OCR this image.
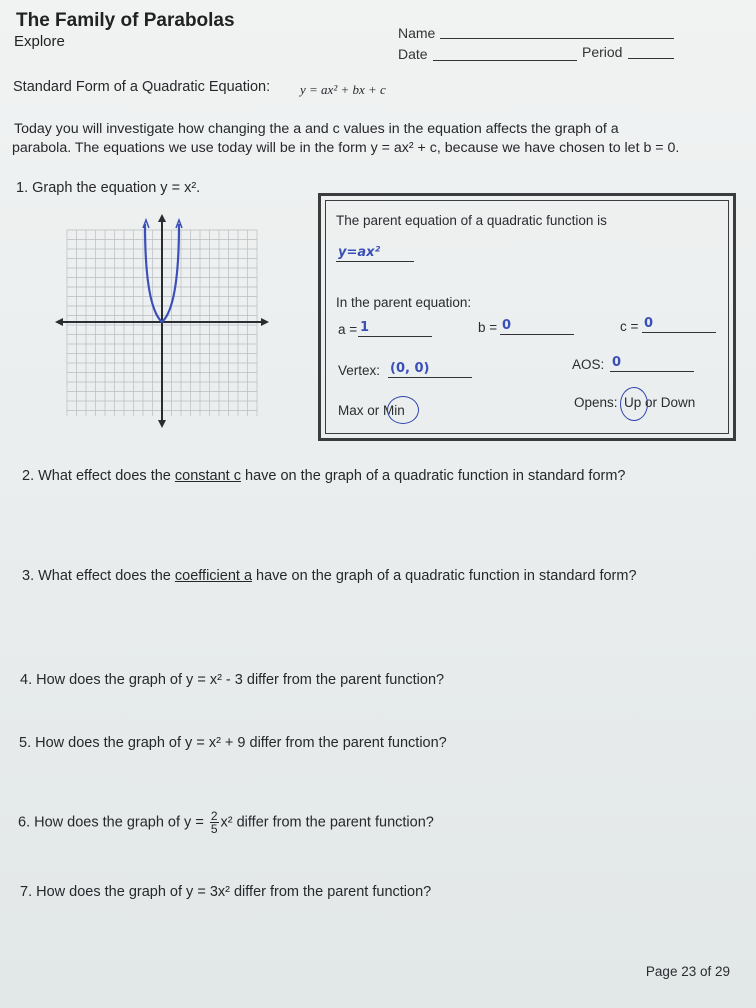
The Family of Parabolas
Explore	Name
Date	Period
Standard Form of a Quadratic Equation: y = ax² + bx + c
Today you will investigate how changing the a and c values in the equation affects the graph of a
parabola. The equations we use today will be in the form y = ax² + c, because we have chosen to let b = 0.
1. Graph the equation y = x².
The parent equation of a quadratic function is
y=ax²
In the parent equation:
a = 1	b = 0	c = 0
Vertex: (0, 0)	AOS: 0
Max or Min
Opens: Up or Down
2. What effect does the constant c have on the graph of a quadratic function in standard form?
3. What effect does the coefficient a have on the graph of a quadratic function in standard form?
4. How does the graph of y = x² - 3 differ from the parent function?
5. How does the graph of y = x² + 9 differ from the parent function?
6. How does the graph of $y = \frac{2}{5} x^2$ differ from the parent function?
7. How does the graph of y = 3x² differ from the parent function?
Page 23 of 29
